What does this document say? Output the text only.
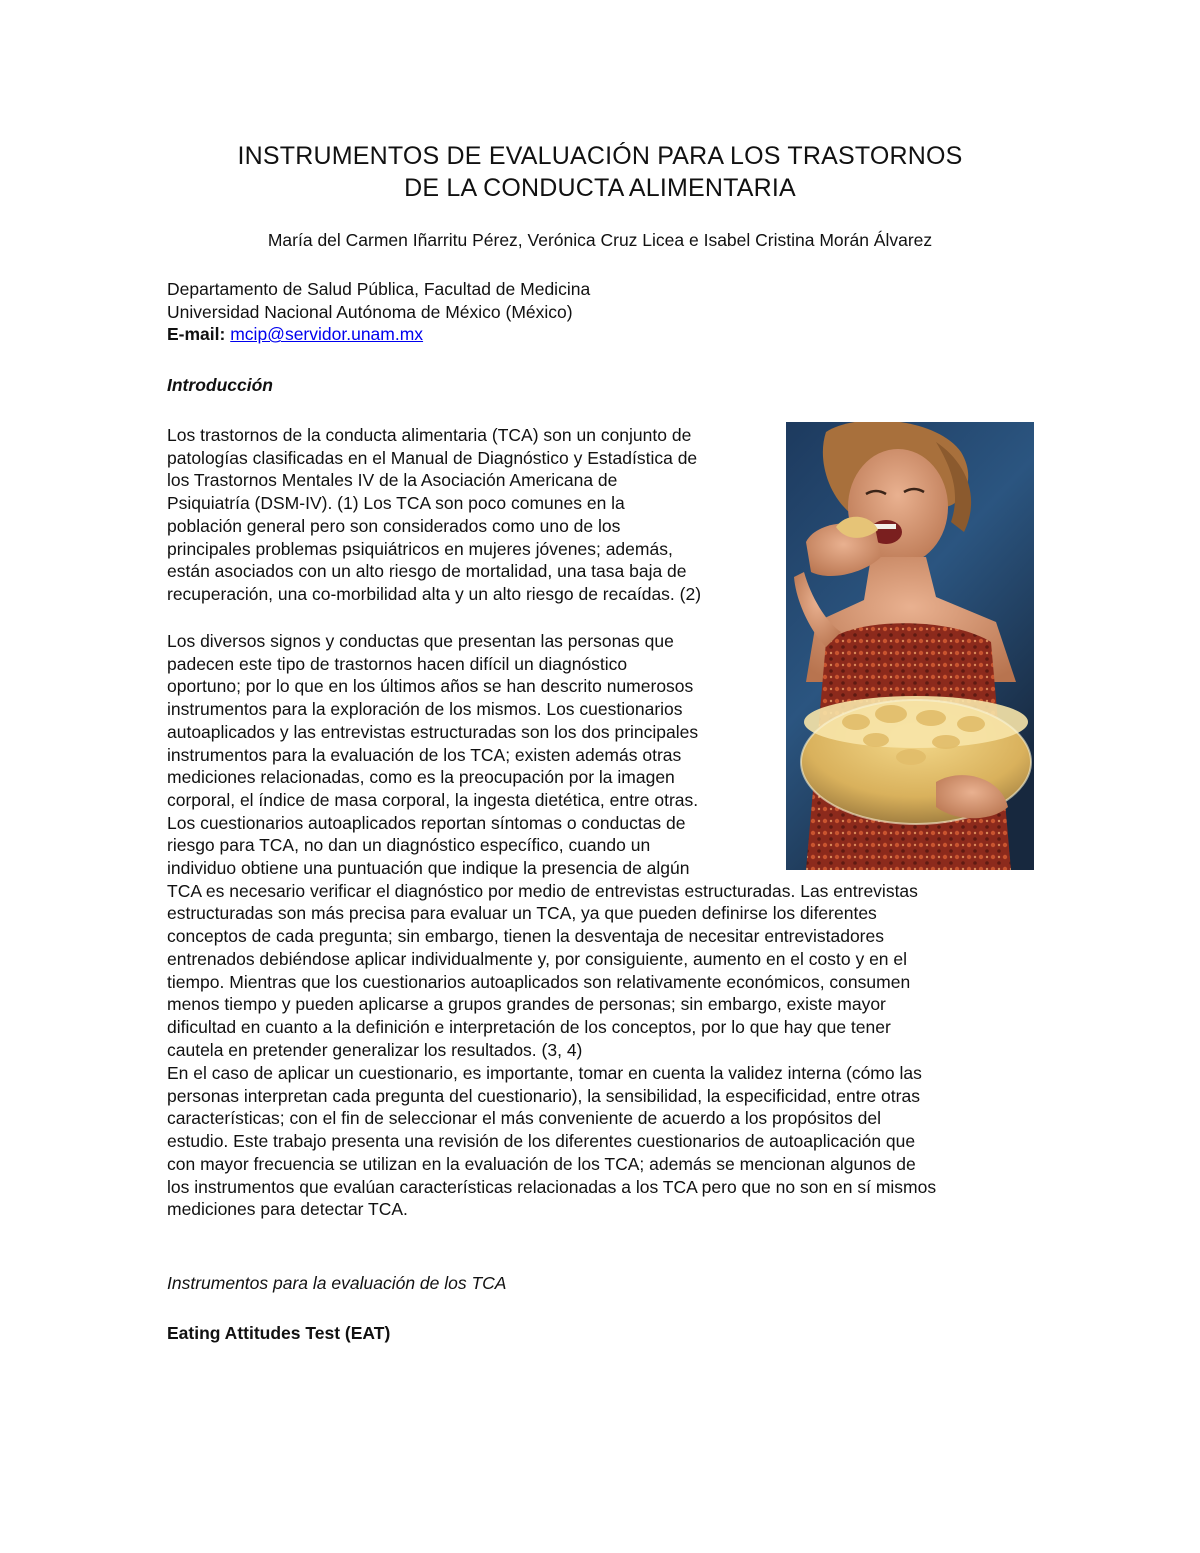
INSTRUMENTOS DE EVALUACIÓN PARA LOS TRASTORNOS
DE LA CONDUCTA ALIMENTARIA
María del Carmen Iñarritu Pérez, Verónica Cruz Licea e Isabel Cristina Morán Álvarez
Departamento de Salud Pública, Facultad de Medicina
Universidad Nacional Autónoma de México (México)
E-mail: mcip@servidor.unam.mx
Introducción
Los trastornos de la conducta alimentaria (TCA) son un conjunto de
patologías clasificadas en el Manual de Diagnóstico y Estadística de
los Trastornos Mentales IV de la Asociación Americana de
Psiquiatría (DSM-IV). (1) Los TCA son poco comunes en la
población general pero son considerados como uno de los
principales problemas psiquiátricos en mujeres jóvenes; además,
están asociados con un alto riesgo de mortalidad, una tasa baja de
recuperación, una co-morbilidad alta y un alto riesgo de recaídas. (2)
Los diversos signos y conductas que presentan las personas que
padecen este tipo de trastornos hacen difícil un diagnóstico
oportuno; por lo que en los últimos años se han descrito numerosos
instrumentos para la exploración de los mismos. Los cuestionarios
autoaplicados y las entrevistas estructuradas son los dos principales
instrumentos para la evaluación de los TCA; existen además otras
mediciones relacionadas, como es la preocupación por la imagen
corporal, el índice de masa corporal, la ingesta dietética, entre otras.
Los cuestionarios autoaplicados reportan síntomas o conductas de
riesgo para TCA, no dan un diagnóstico específico, cuando un
individuo obtiene una puntuación que indique la presencia de algún
TCA es necesario verificar el diagnóstico por medio de entrevistas estructuradas. Las entrevistas
estructuradas son más precisa para evaluar un TCA, ya que pueden definirse los diferentes
conceptos de cada pregunta; sin embargo, tienen la desventaja de necesitar entrevistadores
entrenados debiéndose aplicar individualmente y, por consiguiente, aumento en el costo y en el
tiempo. Mientras que los cuestionarios autoaplicados son relativamente económicos, consumen
menos tiempo y pueden aplicarse a grupos grandes de personas; sin embargo, existe mayor
dificultad en cuanto a la definición e interpretación de los conceptos, por lo que hay que tener
cautela en pretender generalizar los resultados. (3, 4)
En el caso de aplicar un cuestionario, es importante, tomar en cuenta la validez interna (cómo las
personas interpretan cada pregunta del cuestionario), la sensibilidad, la especificidad, entre otras
características; con el fin de seleccionar el más conveniente de acuerdo a los propósitos del
estudio. Este trabajo presenta una revisión de los diferentes cuestionarios de autoaplicación que
con mayor frecuencia se utilizan en la evaluación de los TCA; además se mencionan algunos de
los instrumentos que evalúan características relacionadas a los TCA pero que no son en sí mismos
mediciones para detectar TCA.
Instrumentos para la evaluación de los TCA
Eating Attitudes Test (EAT)
